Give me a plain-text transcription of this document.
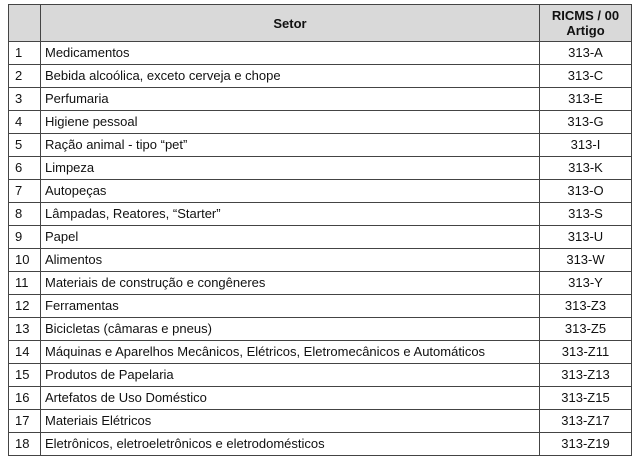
	Setor	RICMS / 00
Artigo

1	Medicamentos	313-A
2	Bebida alcoólica, exceto cerveja e chope	313-C
3	Perfumaria	313-E
4	Higiene pessoal	313-G
5	Ração animal - tipo “pet”	313-I
6	Limpeza	313-K
7	Autopeças	313-O
8	Lâmpadas, Reatores, “Starter”	313-S
9	Papel	313-U
10	Alimentos	313-W
11	Materiais de construção e congêneres	313-Y
12	Ferramentas	313-Z3
13	Bicicletas (câmaras e pneus)	313-Z5
14	Máquinas e Aparelhos Mecânicos, Elétricos, Eletromecânicos e Automáticos	313-Z11
15	Produtos de Papelaria	313-Z13
16	Artefatos de Uso Doméstico	313-Z15
17	Materiais Elétricos	313-Z17
18	Eletrônicos, eletroeletrônicos e eletrodomésticos	313-Z19
